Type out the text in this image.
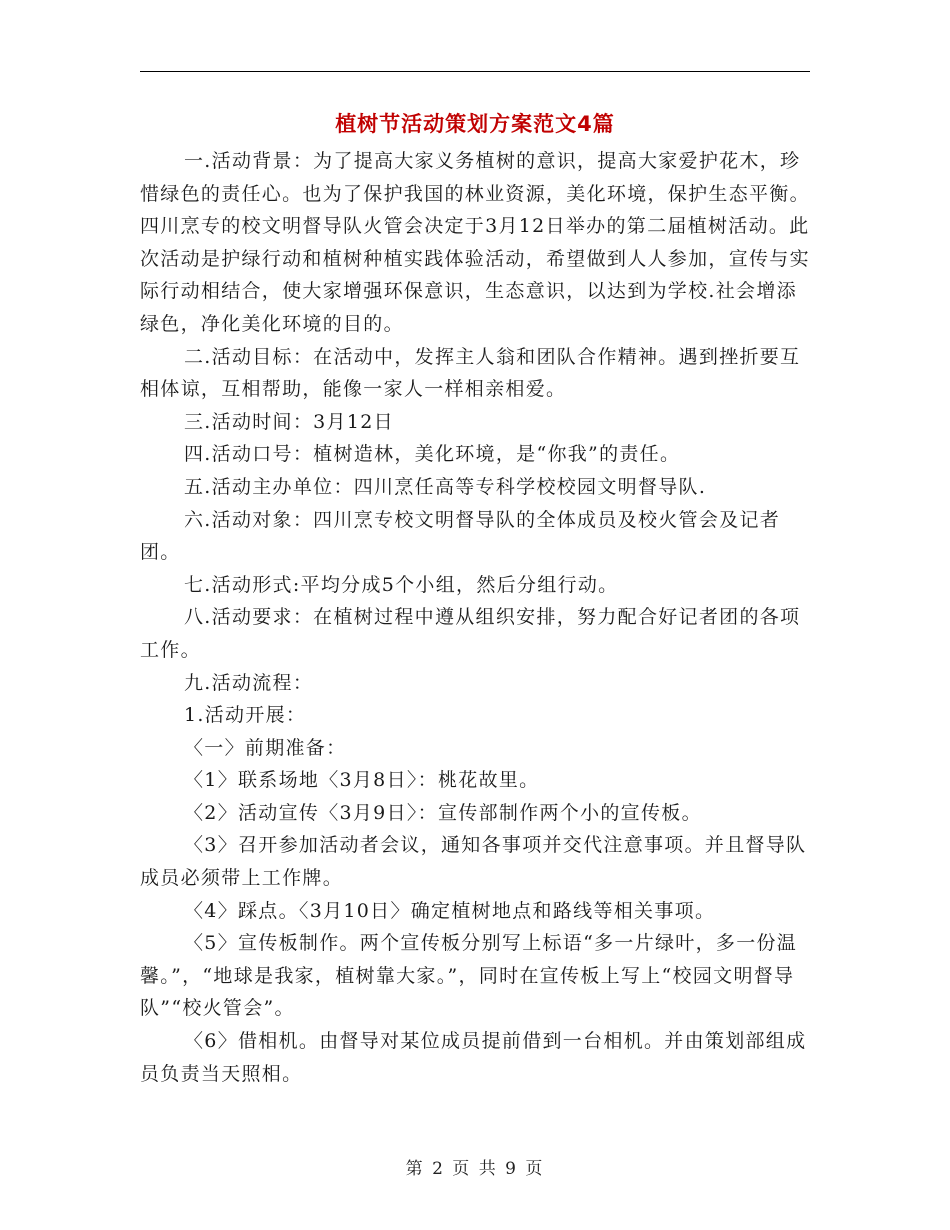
植树节活动策划方案范文4篇

一.活动背景：为了提高大家义务植树的意识，提高大家爱护花木，珍惜绿色的责任心。也为了保护我国的林业资源，美化环境，保护生态平衡。四川烹专的校文明督导队火管会决定于3月12日举办的第二届植树活动。此次活动是护绿行动和植树种植实践体验活动，希望做到人人参加，宣传与实际行动相结合，使大家增强环保意识，生态意识，以达到为学校.社会增添绿色，净化美化环境的目的。

二.活动目标：在活动中，发挥主人翁和团队合作精神。遇到挫折要互相体谅，互相帮助，能像一家人一样相亲相爱。

三.活动时间：3月12日

四.活动口号：植树造林，美化环境，是“你我”的责任。

五.活动主办单位：四川烹任高等专科学校校园文明督导队.

六.活动对象：四川烹专校文明督导队的全体成员及校火管会及记者团。

七.活动形式:平均分成5个小组，然后分组行动。

八.活动要求：在植树过程中遵从组织安排，努力配合好记者团的各项工作。

九.活动流程：

1.活动开展：

〈一〉前期准备：

〈1〉联系场地〈3月8日〉：桃花故里。

〈2〉活动宣传〈3月9日〉：宣传部制作两个小的宣传板。

〈3〉召开参加活动者会议，通知各事项并交代注意事项。并且督导队成员必须带上工作牌。

〈4〉踩点。〈3月10日〉确定植树地点和路线等相关事项。

〈5〉宣传板制作。两个宣传板分别写上标语“多一片绿叶，多一份温馨。”，“地球是我家，植树靠大家。”，同时在宣传板上写上“校园文明督导队”“校火管会”。

〈6〉借相机。由督导对某位成员提前借到一台相机。并由策划部组成员负责当天照相。

第 2 页 共 9 页
